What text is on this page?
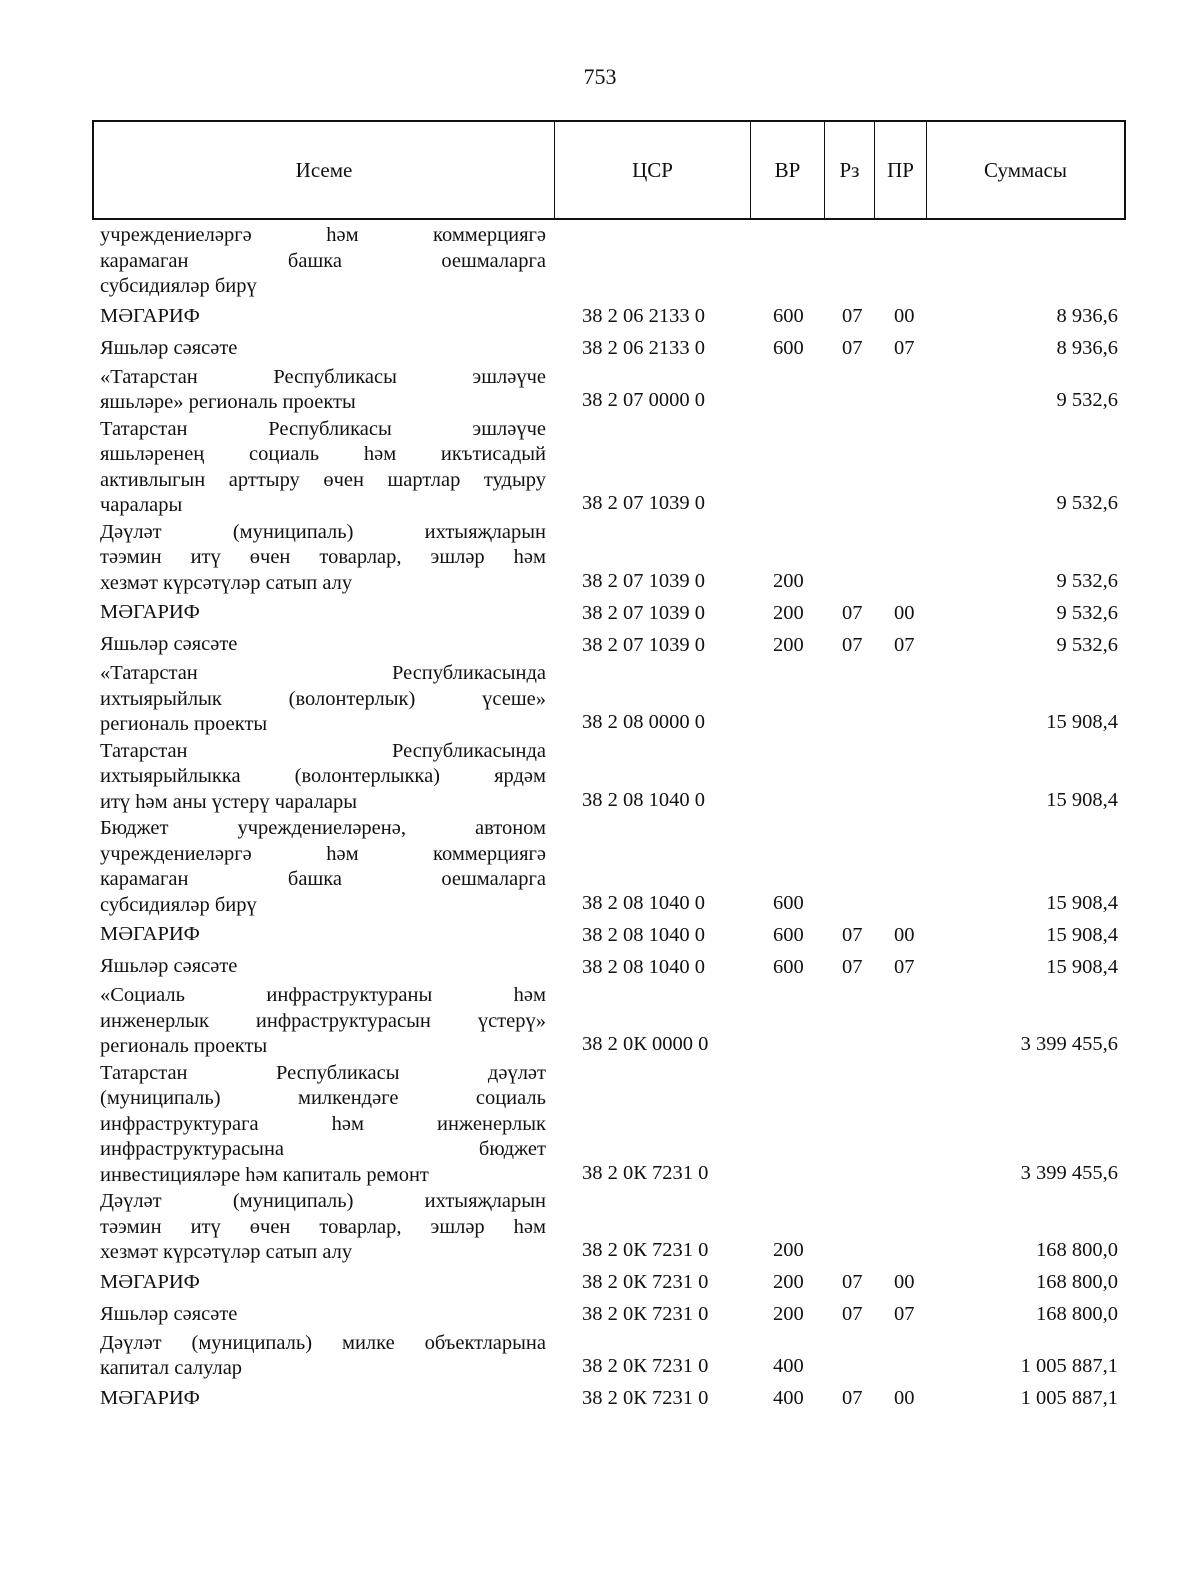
753
Исеме	ЦСР	ВР	Рз	ПР	Суммасы
учреждениеләргә һәм коммерциягә
карамаган башка оешмаларга
субсидияләр бирү
МӘГАРИФ	38 2 06 2133 0	600 07 00	8 936,6
Яшьләр сәясәте	38 2 06 2133 0	600 07 07	8 936,6
«Татарстан Республикасы эшләүче
яшьләре» региональ проекты	38 2 07 0000 0	9 532,6
Татарстан Республикасы эшләүче
яшьләренең социаль һәм икътисадый
активлыгын арттыру өчен шартлар тудыру
чаралары	38 2 07 1039 0	9 532,6
Дәүләт (муниципаль) ихтыяҗларын
тәэмин итү өчен товарлар, эшләр һәм
хезмәт күрсәтүләр сатып алу	38 2 07 1039 0	200	9 532,6
МӘГАРИФ	38 2 07 1039 0	200 07 00	9 532,6
Яшьләр сәясәте	38 2 07 1039 0	200 07 07	9 532,6
«Татарстан Республикасында
ихтыярыйлык (волонтерлык) үсеше»
региональ проекты	38 2 08 0000 0	15 908,4
Татарстан Республикасында
ихтыярыйлыкка (волонтерлыкка) ярдәм
итү һәм аны үстерү чаралары	38 2 08 1040 0	15 908,4
Бюджет учреждениеләренә, автоном
учреждениеләргә һәм коммерциягә
карамаган башка оешмаларга
субсидияләр бирү	38 2 08 1040 0	600	15 908,4
МӘГАРИФ	38 2 08 1040 0	600 07 00	15 908,4
Яшьләр сәясәте	38 2 08 1040 0	600 07 07	15 908,4
«Социаль инфраструктураны һәм
инженерлык инфраструктурасын үстерү»
региональ проекты	38 2 0К 0000 0	3 399 455,6
Татарстан Республикасы дәүләт
(муниципаль) милкендәге социаль
инфраструктурага һәм инженерлык
инфраструктурасына бюджет
инвестицияләре һәм капиталь ремонт	38 2 0К 7231 0	3 399 455,6
Дәүләт (муниципаль) ихтыяҗларын
тәэмин итү өчен товарлар, эшләр һәм
хезмәт күрсәтүләр сатып алу	38 2 0К 7231 0	200	168 800,0
МӘГАРИФ	38 2 0К 7231 0	200 07 00	168 800,0
Яшьләр сәясәте	38 2 0К 7231 0	200 07 07	168 800,0
Дәүләт (муниципаль) милке объектларына
капитал салулар	38 2 0К 7231 0	400	1 005 887,1
МӘГАРИФ	38 2 0К 7231 0	400 07 00	1 005 887,1
